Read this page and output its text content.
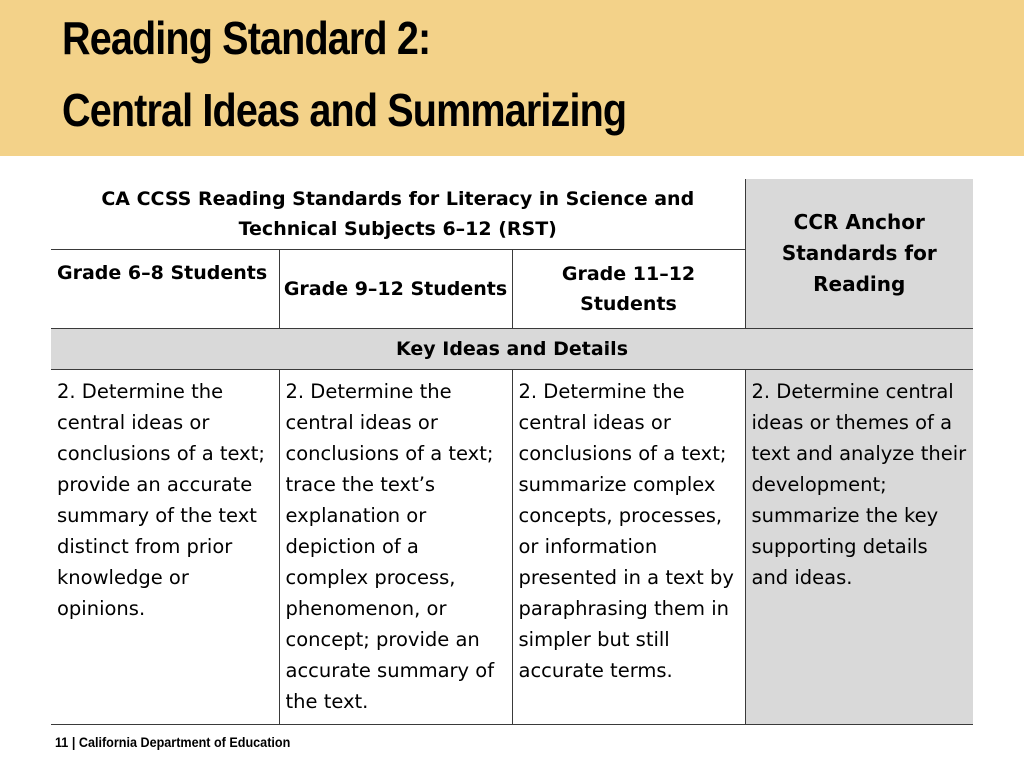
Reading Standard 2:
Central Ideas and Summarizing
CA CCSS Reading Standards for Literacy in Science and Technical Subjects 6–12 (RST)			CCR Anchor Standards for Reading
Grade 6–8 Students	Grade 9–12 Students	Grade 11–12 Students	
Key Ideas and Details			
2. Determine the central ideas or conclusions of a text; provide an accurate summary of the text distinct from prior knowledge or opinions.	2. Determine the central ideas or conclusions of a text; trace the text’s explanation or depiction of a complex process, phenomenon, or concept; provide an accurate summary of the text.	2. Determine the central ideas or conclusions of a text; summarize complex concepts, processes, or information presented in a text by paraphrasing them in simpler but still accurate terms.	2. Determine central ideas or themes of a text and analyze their development; summarize the key supporting details and ideas.
11 | California Department of Education
